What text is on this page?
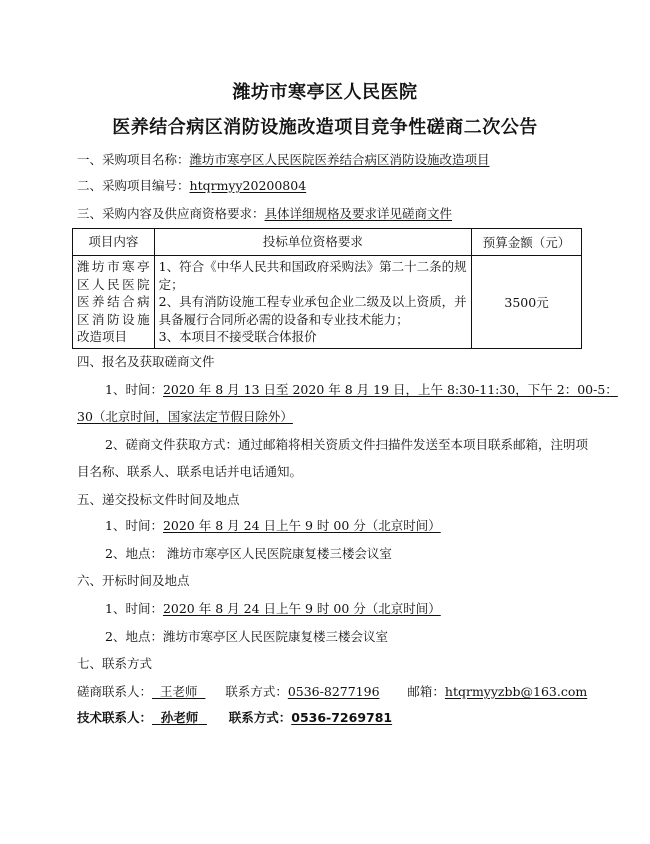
潍坊市寒亭区人民医院
医养结合病区消防设施改造项目竞争性磋商二次公告
一、采购项目名称：潍坊市寒亭区人民医院医养结合病区消防设施改造项目
二、采购项目编号：htqrmyy20200804
三、采购内容及供应商资格要求：具体详细规格及要求详见磋商文件
项目内容	投标单位资格要求	预算金额（元）
潍坊市寒亭区人民医院医养结合病区消防设施改造项目	1、符合《中华人民共和国政府采购法》第二十二条的规定；
2、具有消防设施工程专业承包企业二级及以上资质，并具备履行合同所必需的设备和专业技术能力；
3、本项目不接受联合体报价	3500元
四、报名及获取磋商文件
1、时间：2020 年 8 月 13 日至 2020 年 8 月 19 日，上午 8:30-11:30，下午 2：00-5：
30（北京时间，国家法定节假日除外）
2、磋商文件获取方式：通过邮箱将相关资质文件扫描件发送至本项目联系邮箱，注明项
目名称、联系人、联系电话并电话通知。
五、递交投标文件时间及地点
1、时间：2020 年 8 月 24 日上午 9 时 00 分（北京时间）
2、地点： 潍坊市寒亭区人民医院康复楼三楼会议室
六、开标时间及地点
1、时间：2020 年 8 月 24 日上午 9 时 00 分（北京时间）
2、地点：潍坊市寒亭区人民医院康复楼三楼会议室
七、联系方式
磋商联系人： 王老师 联系方式：0536-8277196 邮箱：htqrmyyzbb@163.com
技术联系人： 孙老师 联系方式：0536-7269781
